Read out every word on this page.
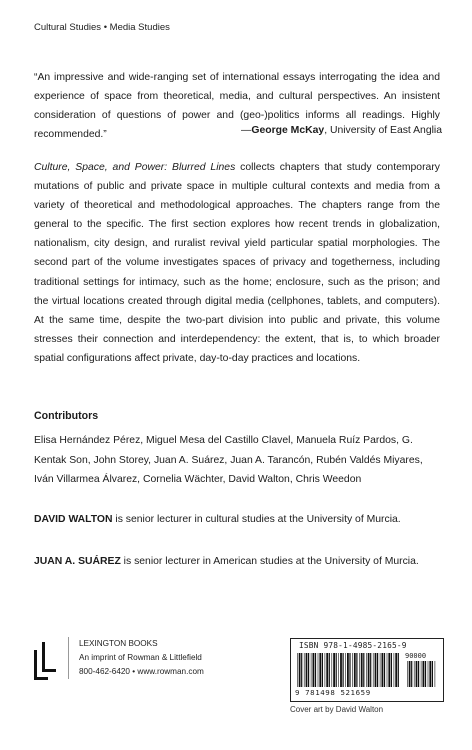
Cultural Studies • Media Studies
“An impressive and wide-ranging set of international essays interrogating the idea and experience of space from theoretical, media, and cultural perspectives. An insistent consideration of questions of power and (geo-)politics informs all readings. Highly recommended.”	—George McKay, University of East Anglia
Culture, Space, and Power: Blurred Lines collects chapters that study contemporary mutations of public and private space in multiple cultural contexts and media from a variety of theoretical and methodological approaches. The chapters range from the general to the specific. The first section explores how recent trends in globalization, nationalism, city design, and ruralist revival yield particular spatial morphologies. The second part of the volume investigates spaces of privacy and togetherness, including traditional settings for intimacy, such as the home; enclosure, such as the prison; and the virtual locations created through digital media (cellphones, tablets, and computers). At the same time, despite the two-part division into public and private, this volume stresses their connection and interdependency: the extent, that is, to which broader spatial configurations affect private, day-to-day practices and locations.
Contributors
Elisa Hernández Pérez, Miguel Mesa del Castillo Clavel, Manuela Ruíz Pardos, G. Kentak Son, John Storey, Juan A. Suárez, Juan A. Tarancón, Rubén Valdés Miyares, Iván Villarmea Álvarez, Cornelia Wächter, David Walton, Chris Weedon
DAVID WALTON is senior lecturer in cultural studies at the University of Murcia.
JUAN A. SUÁREZ is senior lecturer in American studies at the University of Murcia.
LEXINGTON BOOKS
An imprint of Rowman & Littlefield
800-462-6420 • www.rowman.com
ISBN 978-1-4985-2165-9
90000
9 781498 521659
Cover art by David Walton
